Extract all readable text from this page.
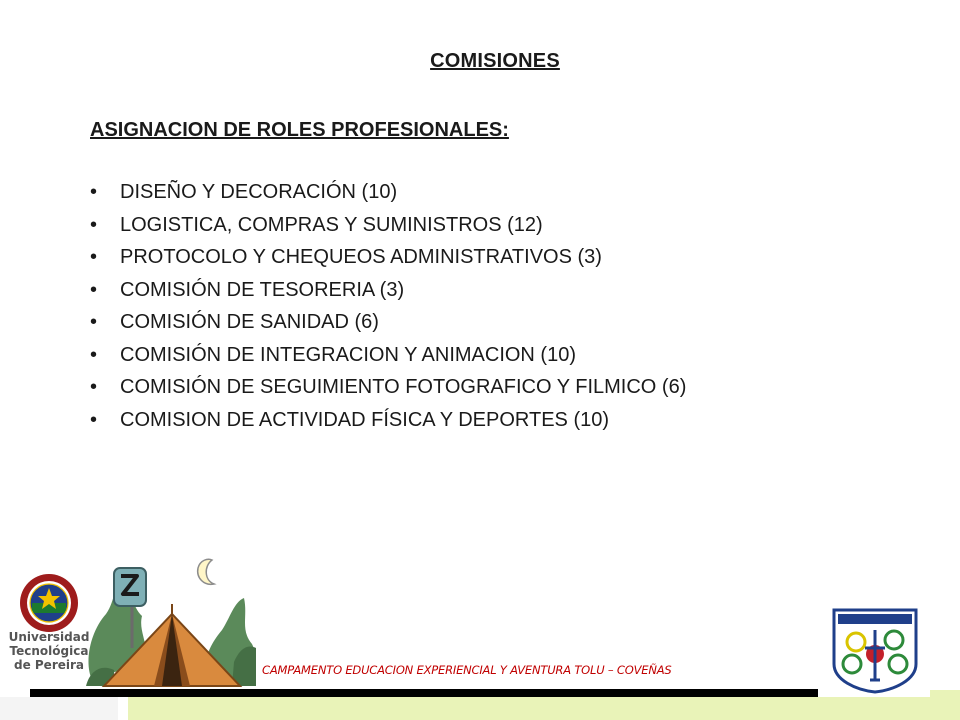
COMISIONES
ASIGNACION DE ROLES PROFESIONALES:
• DISEÑO Y DECORACIÓN (10)
• LOGISTICA, COMPRAS Y SUMINISTROS (12)
• PROTOCOLO Y CHEQUEOS ADMINISTRATIVOS (3)
• COMISIÓN DE TESORERIA (3)
• COMISIÓN DE SANIDAD (6)
• COMISIÓN DE INTEGRACION Y ANIMACION (10)
• COMISIÓN DE SEGUIMIENTO FOTOGRAFICO Y FILMICO (6)
• COMISION DE ACTIVIDAD FÍSICA Y DEPORTES (10)
Universidad
Tecnológica
de Pereira	CAMPAMENTO EDUCACION EXPERIENCIAL Y AVENTURA TOLU – COVEÑAS
